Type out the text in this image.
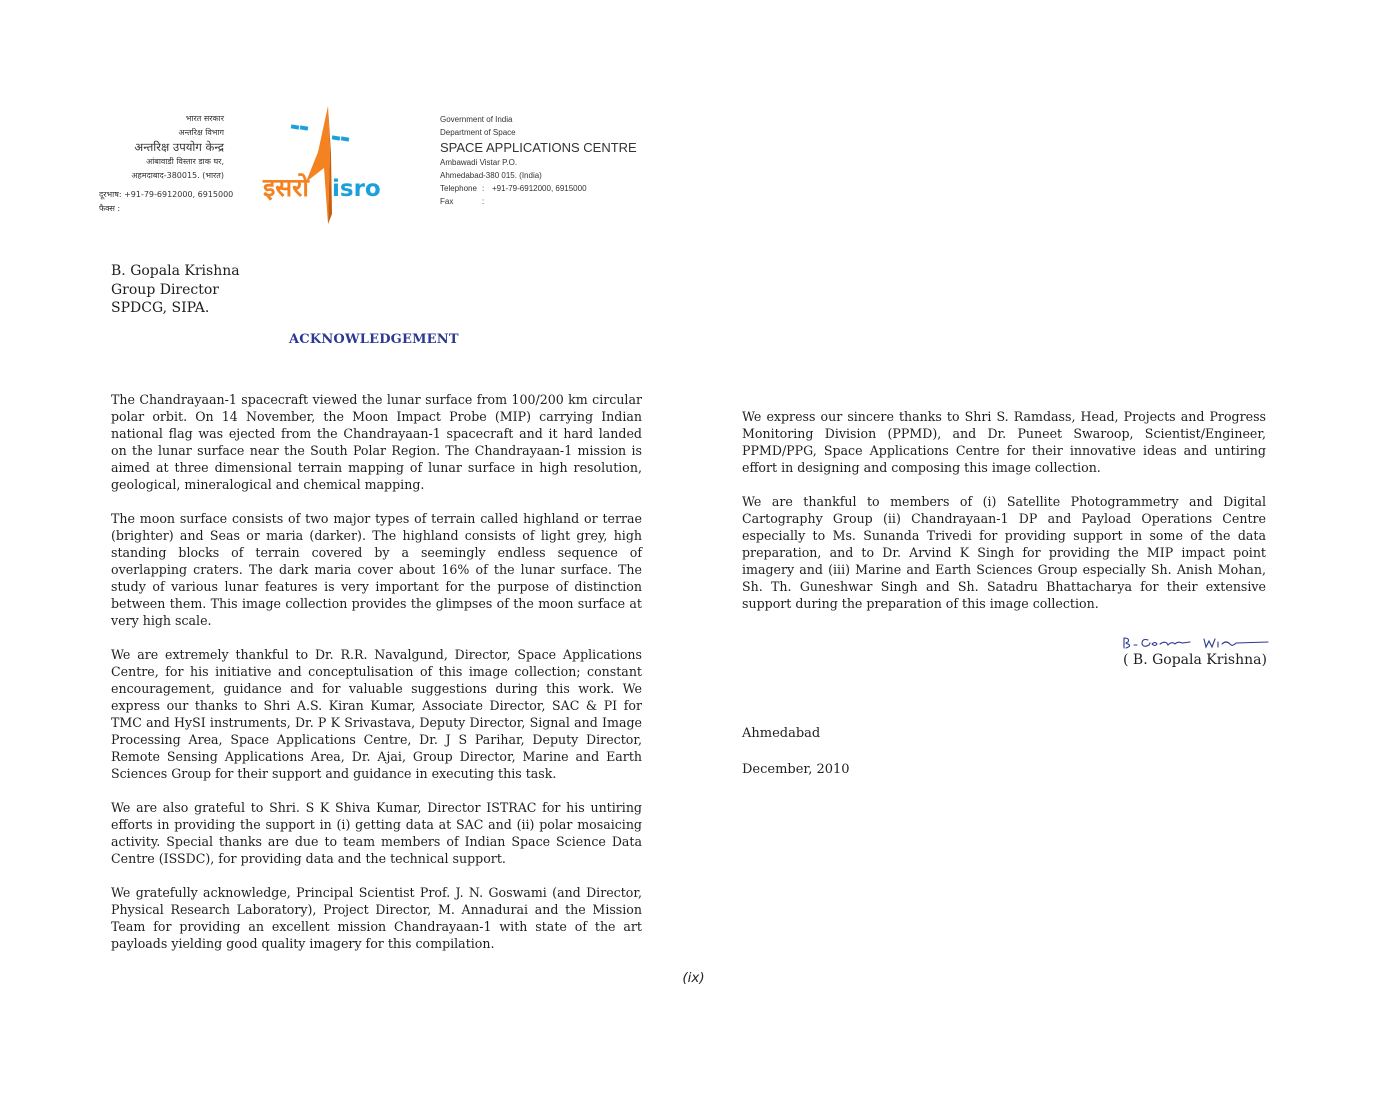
भारत सरकार
अन्तरिक्ष विभाग
अन्तरिक्ष उपयोग केन्द्र
आंबावाडी विस्तार डाक घर,
अहमदाबाद-380015. (भारत)
दूरभाष: +91-79-6912000, 6915000
फैक्स :
इसरो isro
Government of India
Department of Space
SPACE APPLICATIONS CENTRE
Ambawadi Vistar P.O.
Ahmedabad-380 015. (India)
Telephone : +91-79-6912000, 6915000
Fax	:
B. Gopala Krishna
Group Director
SPDCG, SIPA.
ACKNOWLEDGEMENT

The Chandrayaan-1 spacecraft viewed the lunar surface from 100/200 km circular polar orbit. On 14 November, the Moon Impact Probe (MIP) carrying Indian national flag was ejected from the Chandrayaan-1 spacecraft and it hard landed on the lunar surface near the South Polar Region. The Chandrayaan-1 mission is aimed at three dimensional terrain mapping of lunar surface in high resolution, geological, mineralogical and chemical mapping.

The moon surface consists of two major types of terrain called highland or terrae (brighter) and Seas or maria (darker). The highland consists of light grey, high standing blocks of terrain covered by a seemingly endless sequence of overlapping craters. The dark maria cover about 16% of the lunar surface. The study of various lunar features is very important for the purpose of distinction between them. This image collection provides the glimpses of the moon surface at very high scale.

We are extremely thankful to Dr. R.R. Navalgund, Director, Space Applications Centre, for his initiative and conceptulisation of this image collection; constant encouragement, guidance and for valuable suggestions during this work. We express our thanks to Shri A.S. Kiran Kumar, Associate Director, SAC & PI for TMC and HySI instruments, Dr. P K Srivastava, Deputy Director, Signal and Image Processing Area, Space Applications Centre, Dr. J S Parihar, Deputy Director, Remote Sensing Applications Area, Dr. Ajai, Group Director, Marine and Earth Sciences Group for their support and guidance in executing this task.

We are also grateful to Shri. S K Shiva Kumar, Director ISTRAC for his untiring efforts in providing the support in (i) getting data at SAC and (ii) polar mosaicing activity. Special thanks are due to team members of Indian Space Science Data Centre (ISSDC), for providing data and the technical support.

We gratefully acknowledge, Principal Scientist Prof. J. N. Goswami (and Director, Physical Research Laboratory), Project Director, M. Annadurai and the Mission Team for providing an excellent mission Chandrayaan-1 with state of the art payloads yielding good quality imagery for this compilation.

We express our sincere thanks to Shri S. Ramdass, Head, Projects and Progress Monitoring Division (PPMD), and Dr. Puneet Swaroop, Scientist/Engineer, PPMD/PPG, Space Applications Centre for their innovative ideas and untiring effort in designing and composing this image collection.

We are thankful to members of (i) Satellite Photogrammetry and Digital Cartography Group (ii) Chandrayaan-1 DP and Payload Operations Centre especially to Ms. Sunanda Trivedi for providing support in some of the data preparation, and to Dr. Arvind K Singh for providing the MIP impact point imagery and (iii) Marine and Earth Sciences Group especially Sh. Anish Mohan, Sh. Th. Guneshwar Singh and Sh. Satadru Bhattacharya for their extensive support during the preparation of this image collection.

( B. Gopala Krishna)
Ahmedabad
December, 2010
(ix)
